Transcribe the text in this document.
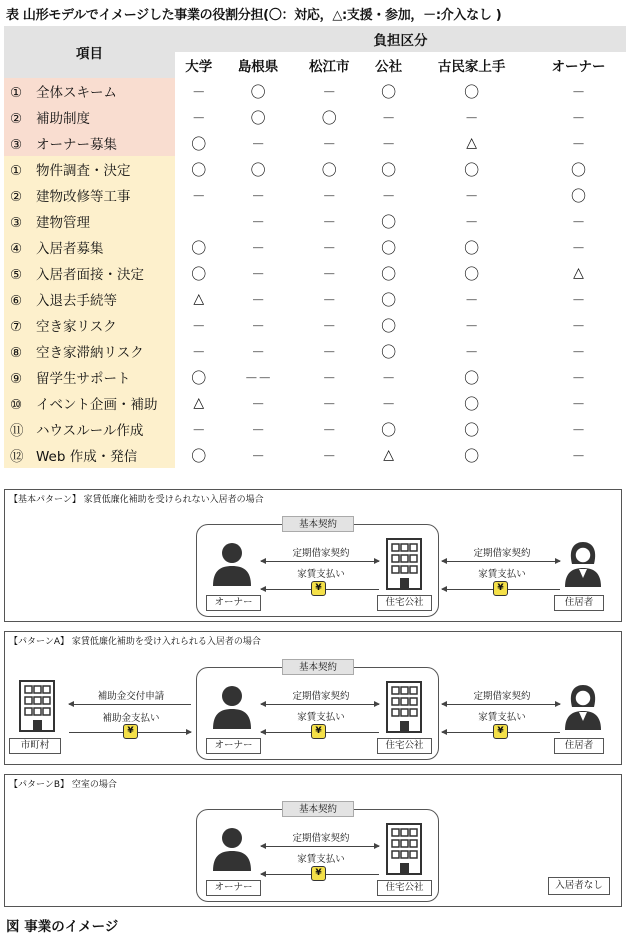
表 山形モデルでイメージした事業の役割分担(〇：対応，△:支援・参加，－:介入なし )
項目	負担区分					
	大学	島根県	松江市	公社	古民家上手	オーナー
① 全体スキーム	－	〇	－	〇	〇	－
② 補助制度	－	〇	〇	－	－	－
③ オーナー募集	〇	－	－	－	△	－
① 物件調査・決定	〇	〇	〇	〇	〇	〇
② 建物改修等工事	－	－	－	－	－	〇
③ 建物管理		－	－	〇	－	－
④ 入居者募集	〇	－	－	〇	〇	－
⑤ 入居者面接・決定	〇	－	－	〇	〇	△
⑥ 入退去手続等	△	－	－	〇	－	－
⑦ 空き家リスク	－	－	－	〇	－	－
⑧ 空き家滞納リスク	－	－	－	〇	－	－
⑨ 留学生サポート	〇	－－	－	－	〇	－
⑩ イベント企画・補助	△	－	－	－	〇	－
⑪ ハウスルール作成	－	－	－	〇	〇	－
⑫ Web 作成・発信	〇	－	－	△	〇	－
【基本パターン】 家賃低廉化補助を受けられない入居者の場合
基本契約
オーナー	住宅公社
定期借家契約
家賃支払い
¥
定期借家契約
家賃支払い
¥
住居者
【パターンA】 家賃低廉化補助を受け入れられる入居者の場合
基本契約
市町村
補助金交付申請
補助金支払い
¥
オーナー	住宅公社
定期借家契約
家賃支払い
¥
定期借家契約
家賃支払い
¥
住居者
【パターンB】 空室の場合
基本契約
オーナー	住宅公社
定期借家契約
家賃支払い
¥
入居者なし
図 事業のイメージ
